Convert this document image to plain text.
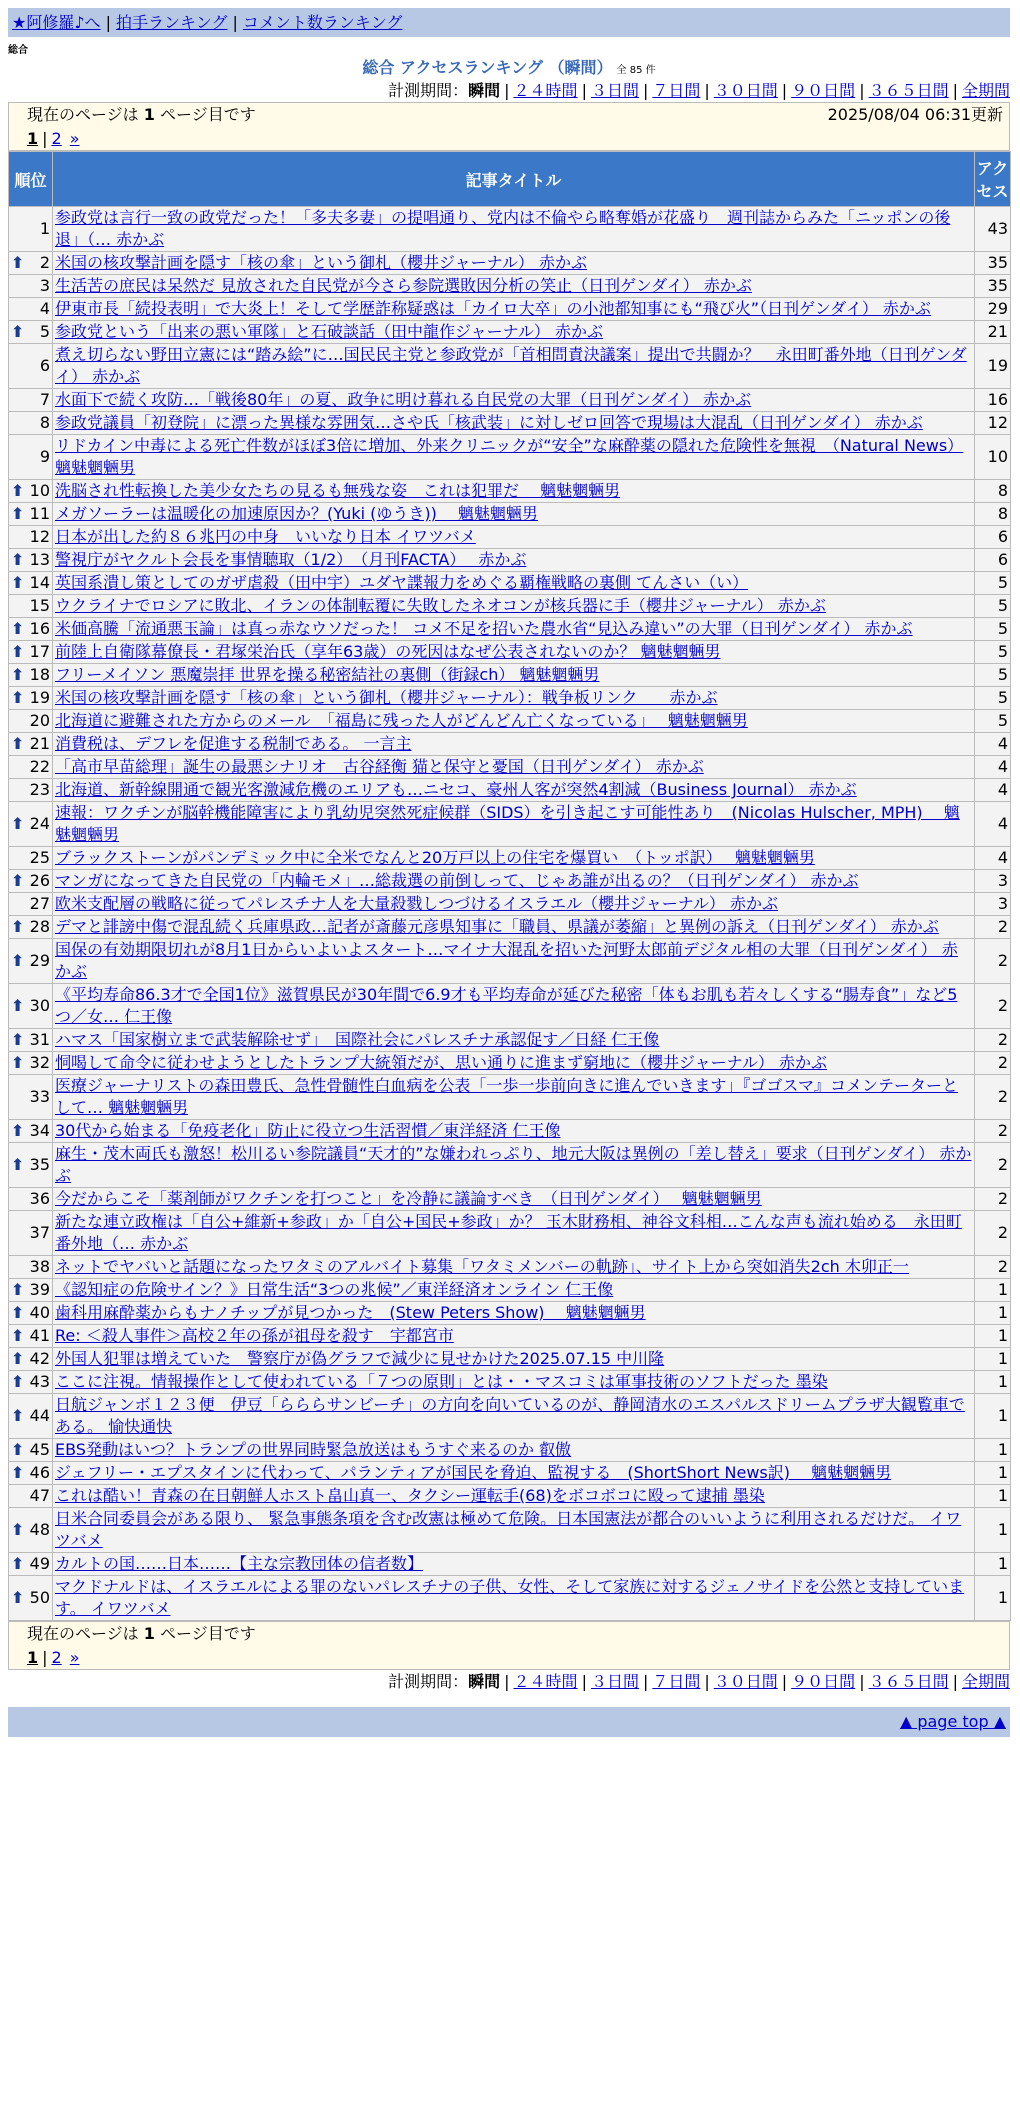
★阿修羅♪へ | 拍手ランキング | コメント数ランキング
総合
総合 アクセスランキング （瞬間） 全 85 件
計測期間：瞬間 | ２４時間 | ３日間 | ７日間 | ３０日間 | ９０日間 | ３６５日間 | 全期間
現在のページは 1 ページ目です	2025/08/04 06:31更新
1 | 2 »
順位	記事タイトル	アクセス
1	参政党は言行一致の政党だった！「多夫多妻」の提唱通り、党内は不倫やら略奪婚が花盛り　週刊誌からみた「ニッポンの後退」（… 赤かぶ	43

⬆ 2	米国の核攻撃計画を隠す「核の傘」という御札（櫻井ジャーナル） 赤かぶ	35
3	生活苦の庶民は呆然だ 見放された自民党が今さら参院選敗因分析の笑止（日刊ゲンダイ） 赤かぶ	35
4	伊東市長「続投表明」で大炎上！そして学歴詐称疑惑は「カイロ大卒」の小池都知事にも“飛び火”（日刊ゲンダイ） 赤かぶ	29

⬆ 5	参政党という「出来の悪い軍隊」と石破談話（田中龍作ジャーナル） 赤かぶ	21
6	煮え切らない野田立憲には“踏み絵”に…国民民主党と参政党が「首相問責決議案」提出で共闘か？　永田町番外地（日刊ゲンダイ） 赤かぶ	19
7	水面下で続く攻防…「戦後80年」の夏、政争に明け暮れる自民党の大罪（日刊ゲンダイ） 赤かぶ	16
8	参政党議員「初登院」に漂った異様な雰囲気…さや氏「核武装」に対しゼロ回答で現場は大混乱（日刊ゲンダイ） 赤かぶ	12
9	リドカイン中毒による死亡件数がほぼ3倍に増加、外来クリニックが“安全”な麻酔薬の隠れた危険性を無視　（Natural News） 魑魅魍魎男	10

⬆ 10	洗脳され性転換した美少女たちの見るも無残な姿　これは犯罪だ　 魑魅魍魎男	8

⬆ 11	メガソーラーは温暖化の加速原因か？(Yuki (ゆうき))　 魑魅魍魎男	8
12	日本が出した約８６兆円の中身　いいなり日本 イワツバメ	6

⬆ 13	警視庁がヤクルト会長を事情聴取（1/2）　（月刊FACTA）　 赤かぶ	6

⬆ 14	英国系潰し策としてのガザ虐殺（田中宇）ユダヤ諜報力をめぐる覇権戦略の裏側 てんさい（い）	5
15	ウクライナでロシアに敗北、イランの体制転覆に失敗したネオコンが核兵器に手（櫻井ジャーナル） 赤かぶ	5

⬆ 16	米価高騰「流通悪玉論」は真っ赤なウソだった！ コメ不足を招いた農水省“見込み違い”の大罪（日刊ゲンダイ） 赤かぶ	5

⬆ 17	前陸上自衛隊幕僚長・君塚栄治氏（享年63歳）の死因はなぜ公表されないのか？ 魑魅魍魎男	5

⬆ 18	フリーメイソン 悪魔崇拝 世界を操る秘密結社の裏側（街録ch） 魑魅魍魎男	5

⬆ 19	米国の核攻撃計画を隠す「核の傘」という御札（櫻井ジャーナル）：戦争板リンク　　赤かぶ	5
20	北海道に避難された方からのメール　「福島に残った人がどんどん亡くなっている」　 魑魅魍魎男	5

⬆ 21	消費税は、デフレを促進する税制である。 一言主	4
22	「高市早苗総理」誕生の最悪シナリオ　古谷経衡 猫と保守と憂国（日刊ゲンダイ） 赤かぶ	4
23	北海道、新幹線開通で観光客激減危機のエリアも…ニセコ、豪州人客が突然4割減（Business Journal） 赤かぶ	4

⬆ 24	速報：ワクチンが脳幹機能障害により乳幼児突然死症候群（SIDS）を引き起こす可能性あり　(Nicolas Hulscher, MPH)　 魑魅魍魎男	4
25	ブラックストーンがパンデミック中に全米でなんと20万戸以上の住宅を爆買い　（トッポ訳）　 魑魅魍魎男	4

⬆ 26	マンガになってきた自民党の「内輪モメ」…総裁選の前倒しって、じゃあ誰が出るの？（日刊ゲンダイ） 赤かぶ	3
27	欧米支配層の戦略に従ってパレスチナ人を大量殺戮しつづけるイスラエル（櫻井ジャーナル） 赤かぶ	3

⬆ 28	デマと誹謗中傷で混乱続く兵庫県政…記者が斎藤元彦県知事に「職員、県議が萎縮」と異例の訴え（日刊ゲンダイ） 赤かぶ	2

⬆ 29	国保の有効期限切れが8月1日からいよいよスタート…マイナ大混乱を招いた河野太郎前デジタル相の大罪（日刊ゲンダイ） 赤かぶ	2

⬆ 30	《平均寿命86.3才で全国1位》滋賀県民が30年間で6.9才も平均寿命が延びた秘密「体もお肌も若々しくする“腸寿食”」など5つ／女… 仁王像	2

⬆ 31	ハマス「国家樹立まで武装解除せず」　国際社会にパレスチナ承認促す／日経 仁王像	2

⬆ 32	恫喝して命令に従わせようとしたトランプ大統領だが、思い通りに進まず窮地に（櫻井ジャーナル） 赤かぶ	2
33	医療ジャーナリストの森田豊氏、急性骨髄性白血病を公表「一歩一歩前向きに進んでいきます」『ゴゴスマ』コメンテーターとして… 魑魅魍魎男	2

⬆ 34	30代から始まる「免疫老化」防止に役立つ生活習慣／東洋経済 仁王像	2

⬆ 35	麻生・茂木両氏も激怒！松川るい参院議員“天才的”な嫌われっぷり、地元大阪は異例の「差し替え」要求（日刊ゲンダイ） 赤かぶ	2
36	今だからこそ「薬剤師がワクチンを打つこと」を冷静に議論すべき　（日刊ゲンダイ）　 魑魅魍魎男	2
37	新たな連立政権は「自公+維新+参政」か「自公+国民+参政」か？ 玉木財務相、神谷文科相…こんな声も流れ始める　永田町番外地（… 赤かぶ	2
38	ネットでヤバいと話題になったワタミのアルバイト募集「ワタミメンバーの軌跡」、サイト上から突如消失2ch 木卯正一	2

⬆ 39	《認知症の危険サイン？》日常生活“3つの兆候”／東洋経済オンライン 仁王像	1

⬆ 40	歯科用麻酔薬からもナノチップが見つかった　(Stew Peters Show)　 魑魅魍魎男	1

⬆ 41	Re: ＜殺人事件＞高校２年の孫が祖母を殺す　宇都宮市	1

⬆ 42	外国人犯罪は増えていた　警察庁が偽グラフで減少に見せかけた2025.07.15 中川隆	1

⬆ 43	ここに注視。情報操作として使われている「７つの原則」とは・・マスコミは軍事技術のソフトだった 墨染	1

⬆ 44	日航ジャンボ１２３便　伊豆「らららサンビーチ」の方向を向いているのが、静岡清水のエスパルスドリームプラザ大観覧車である。 愉快通快	1

⬆ 45	EBS発動はいつ？トランプの世界同時緊急放送はもうすぐ来るのか 叡傲	1

⬆ 46	ジェフリー・エプスタインに代わって、パランティアが国民を脅迫、監視する　(ShortShort News訳)　 魑魅魍魎男	1
47	これは酷い！青森の在日朝鮮人ホスト畠山真一、タクシー運転手(68)をボコボコに殴って逮捕 墨染	1

⬆ 48	日米合同委員会がある限り、 緊急事態条項を含む改憲は極めて危険。日本国憲法が都合のいいように利用されるだけだ。 イワツバメ	1

⬆ 49	カルトの国……日本……【主な宗教団体の信者数】	1

⬆ 50	マクドナルドは、イスラエルによる罪のないパレスチナの子供、女性、そして家族に対するジェノサイドを公然と支持しています。 イワツバメ	1
現在のページは 1 ページ目です
1 | 2 »
計測期間：瞬間 | ２４時間 | ３日間 | ７日間 | ３０日間 | ９０日間 | ３６５日間 | 全期間
▲ page top ▲
